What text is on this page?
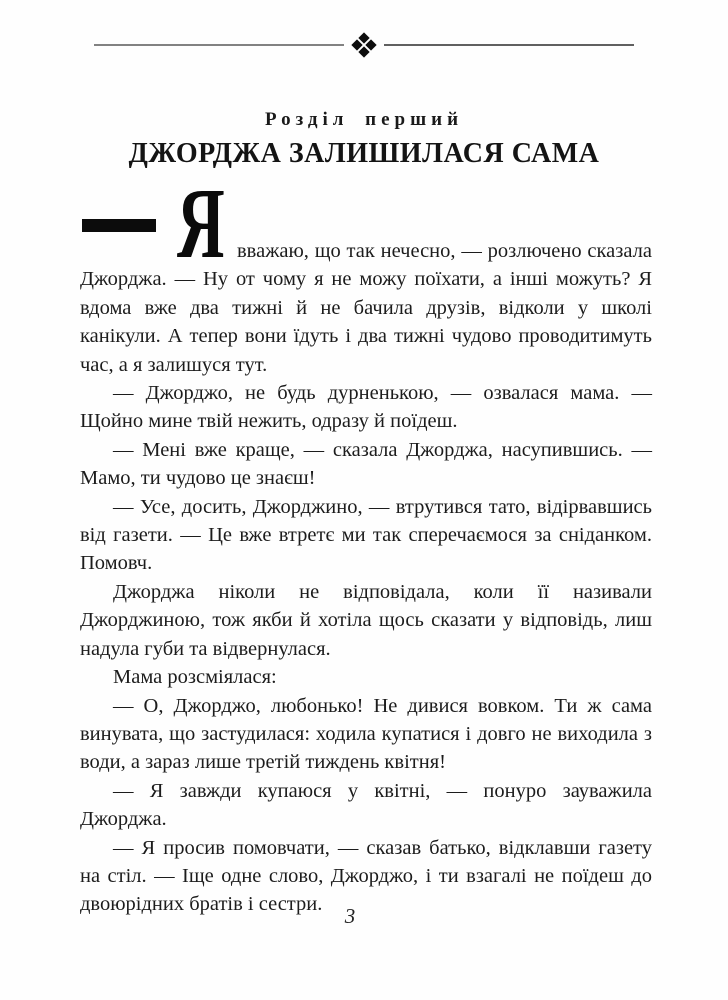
Розділ перший
ДЖОРДЖА ЗАЛИШИЛАСЯ САМА
Я вважаю, що так нечесно, — розлючено сказала Джорджа. — Ну от чому я не можу поїхати, а інші можуть? Я вдома вже два тижні й не бачила друзів, відколи у школі канікули. А тепер вони їдуть і два тижні чудово проводитимуть час, а я залишуся тут.

— Джорджо, не будь дурненькою, — озвалася мама. — Щойно мине твій нежить, одразу й поїдеш.

— Мені вже краще, — сказала Джорджа, насупившись. — Мамо, ти чудово це знаєш!

— Усе, досить, Джорджино, — втрутився тато, відірвавшись від газети. — Це вже втретє ми так сперечаємося за сніданком. Помовч.

Джорджа ніколи не відповідала, коли її називали Джорджиною, тож якби й хотіла щось сказати у відповідь, лиш надула губи та відвернулася.

Мама розсміялася:

— О, Джорджо, любонько! Не дивися вовком. Ти ж сама винувата, що застудилася: ходила купатися і довго не виходила з води, а зараз лише третій тиждень квітня!

— Я завжди купаюся у квітні, — понуро зауважила Джорджа.

— Я просив помовчати, — сказав батько, відклавши газету на стіл. — Іще одне слово, Джорджо, і ти взагалі не поїдеш до двоюрідних братів і сестри.	3
